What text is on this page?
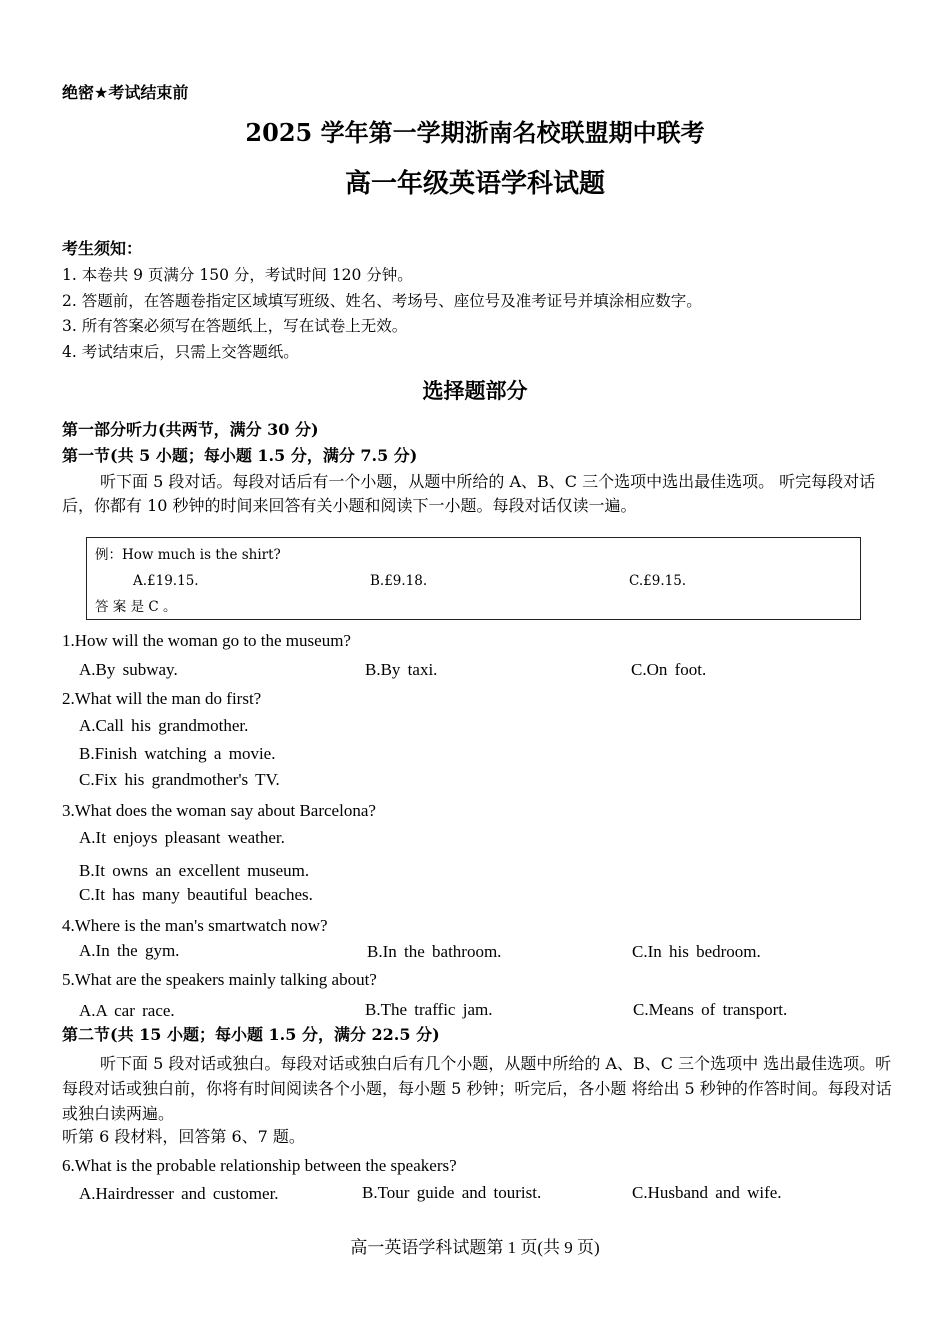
绝密★考试结束前
2025 学年第一学期浙南名校联盟期中联考
高一年级英语学科试题
考生须知：
1. 本卷共 9 页满分 150 分，考试时间 120 分钟。
2. 答题前，在答题卷指定区域填写班级、姓名、考场号、座位号及准考证号并填涂相应数字。
3. 所有答案必须写在答题纸上，写在试卷上无效。
4. 考试结束后，只需上交答题纸。
选择题部分
第一部分听力(共两节，满分 30 分)
第一节(共 5 小题；每小题 1.5 分，满分 7.5 分)
听下面 5 段对话。每段对话后有一个小题，从题中所给的 A、B、C 三个选项中选出最佳选项。 听完每段对话后，你都有 10 秒钟的时间来回答有关小题和阅读下一小题。每段对话仅读一遍。
例：How much is the shirt?
A.£19.15.	B.£9.18.	C.£9.15.
答 案 是 C 。
1.How will the woman go to the museum?
A.By subway.	B.By taxi.	C.On foot.
2.What will the man do first?
A.Call his grandmother.
B.Finish watching a movie.
C.Fix his grandmother's TV.
3.What does the woman say about Barcelona?
A.It enjoys pleasant weather.
B.It owns an excellent museum.
C.It has many beautiful beaches.
4.Where is the man's smartwatch now?
A.In the gym.	B.In the bathroom.	C.In his bedroom.
5.What are the speakers mainly talking about?
A.A car race.	B.The traffic jam.	C.Means of transport.
第二节(共 15 小题；每小题 1.5 分，满分 22.5 分)
听下面 5 段对话或独白。每段对话或独白后有几个小题，从题中所给的 A、B、C 三个选项中 选出最佳选项。听每段对话或独白前，你将有时间阅读各个小题，每小题 5 秒钟；听完后，各小题 将给出 5 秒钟的作答时间。每段对话或独白读两遍。
听第 6 段材料，回答第 6、7 题。
6.What is the probable relationship between the speakers?
A.Hairdresser and customer.	B.Tour guide and tourist.	C.Husband and wife.
高一英语学科试题第 1 页(共 9 页)
